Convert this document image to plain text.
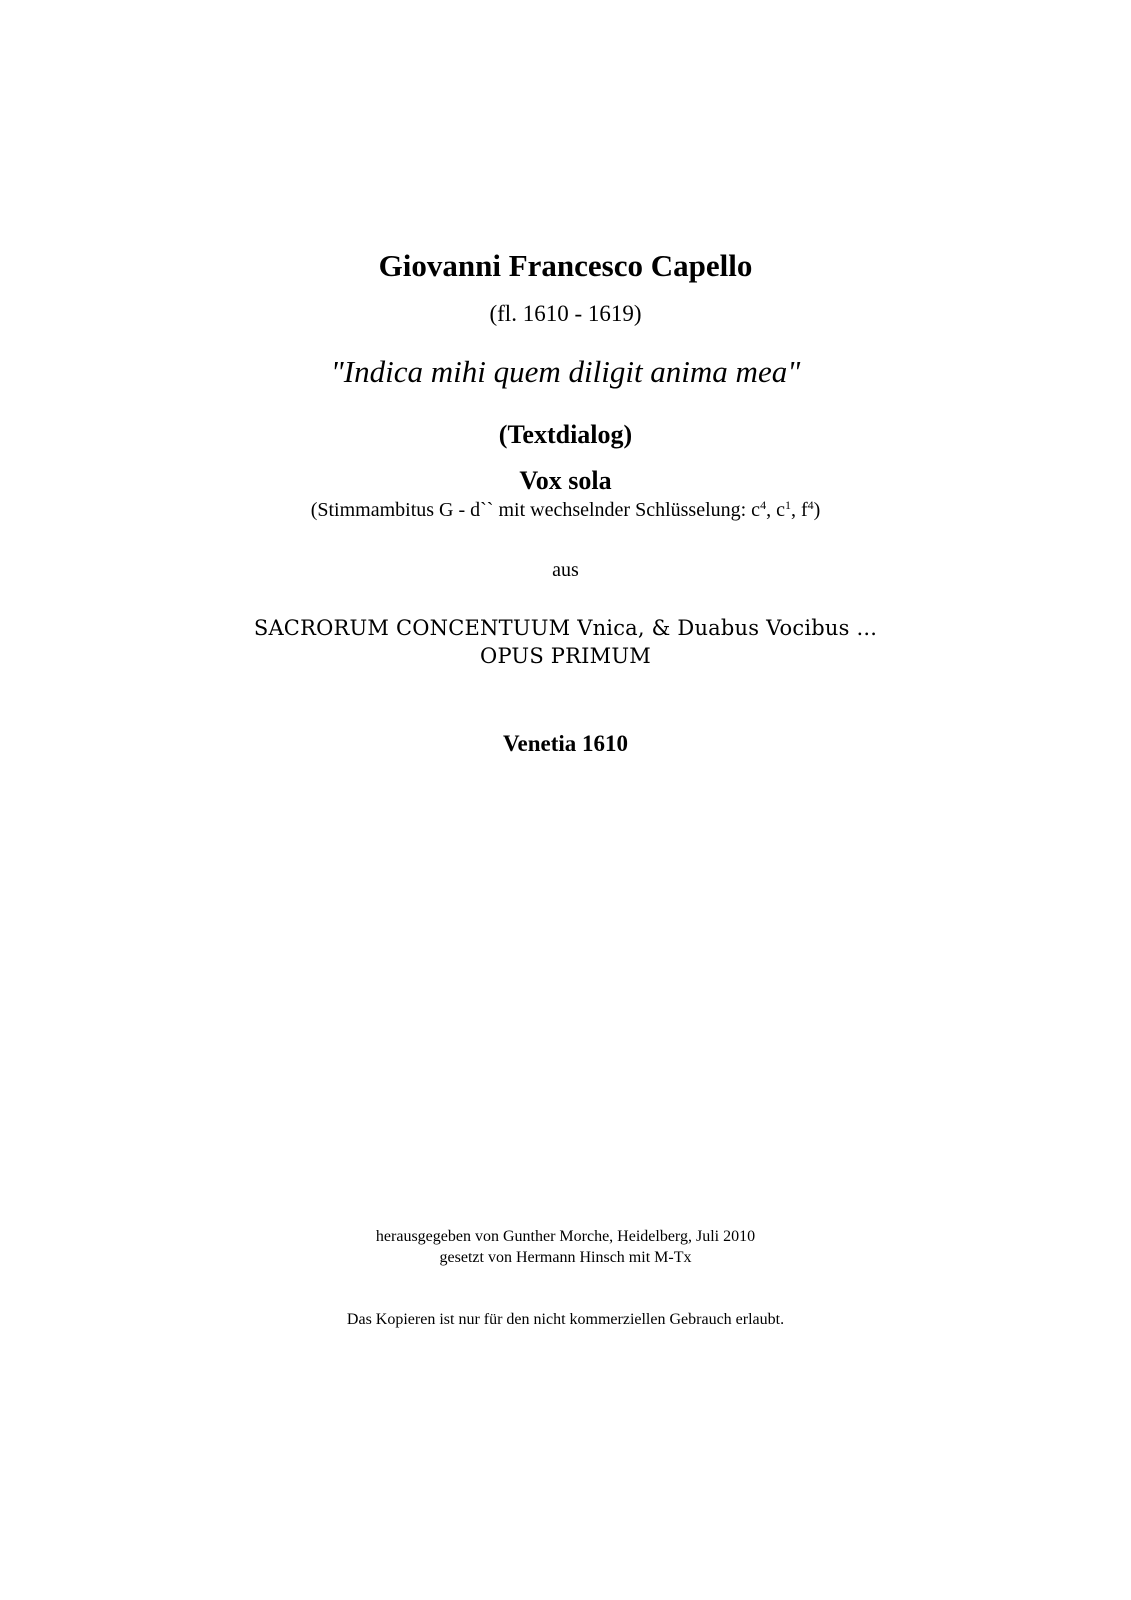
Giovanni Francesco Capello
(fl. 1610 - 1619)
"Indica mihi quem diligit anima mea"
(Textdialog)
Vox sola
(Stimmambitus G - d`` mit wechselnder Schlüsselung: $c^4$, $c^1$, $f^4$)
aus
SACRORUM CONCENTUUM Vnica, & Duabus Vocibus ...
OPUS PRIMUM
Venetia 1610
herausgegeben von Gunther Morche, Heidelberg, Juli 2010
gesetzt von Hermann Hinsch mit M-Tx
Das Kopieren ist nur für den nicht kommerziellen Gebrauch erlaubt.
